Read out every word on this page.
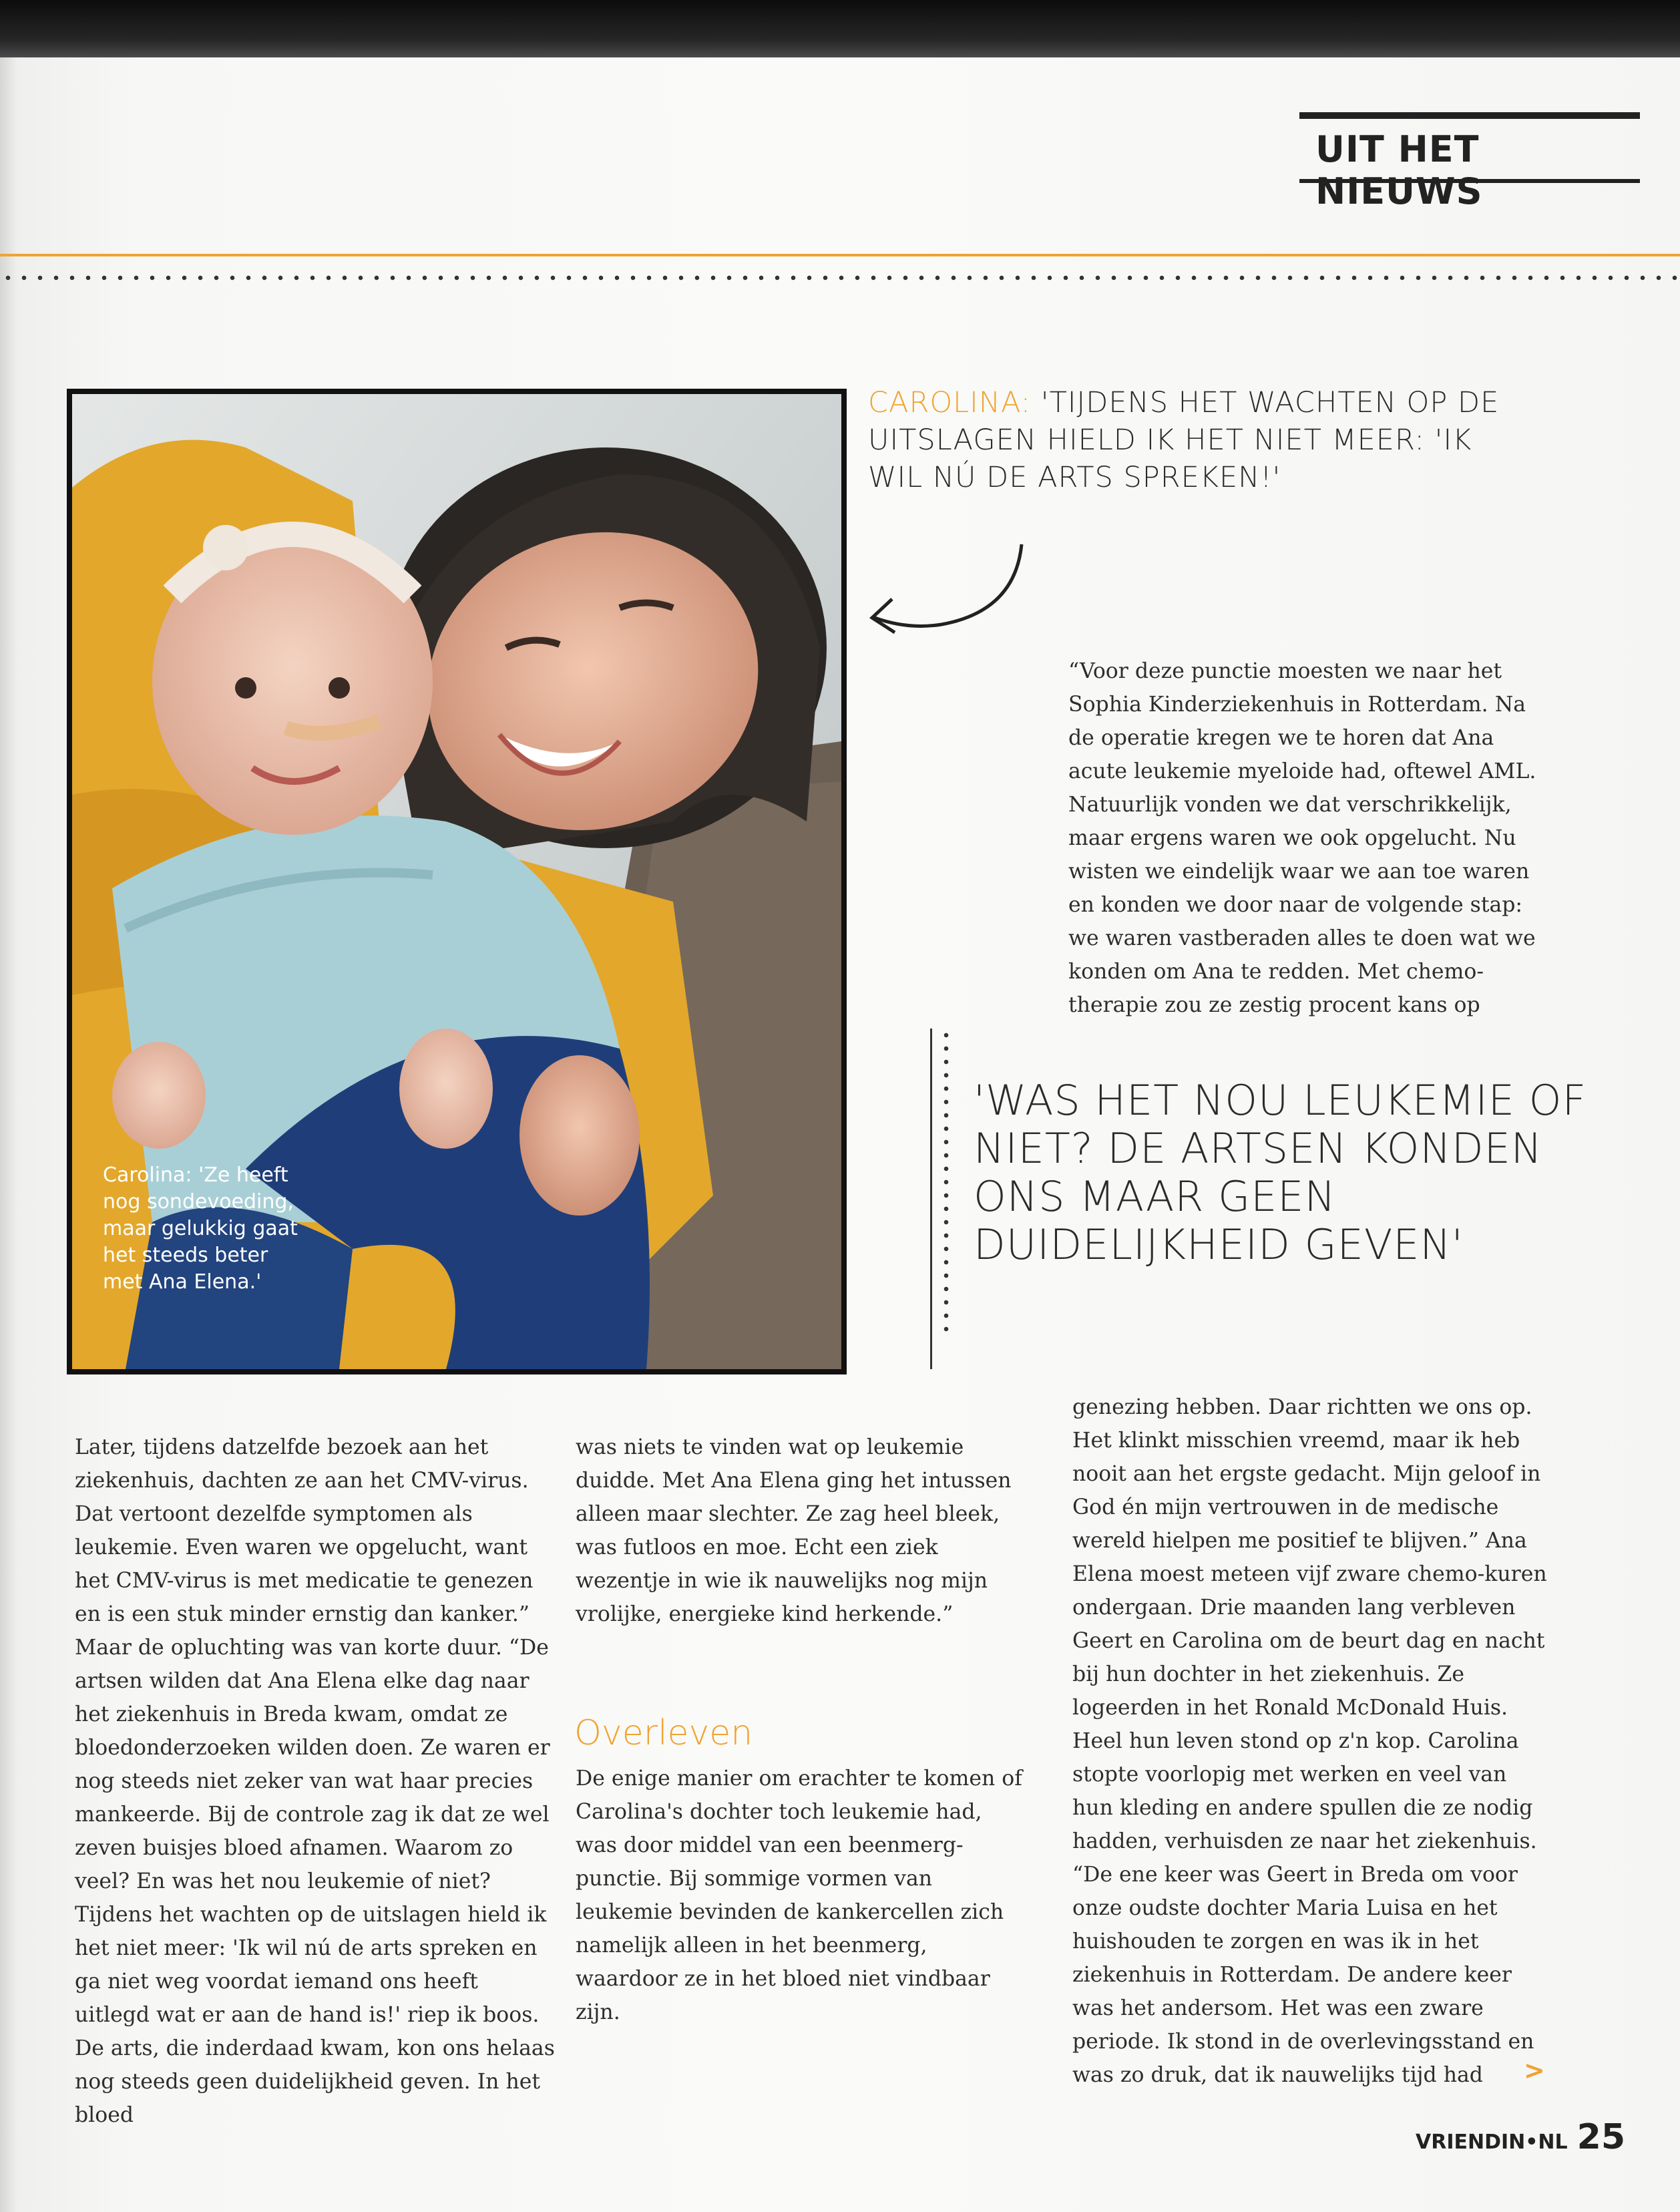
UIT HET NIEUWS
Carolina: 'Ze heeft nog sondevoeding, maar gelukkig gaat het steeds beter met Ana Elena.'
CAROLINA: 'TIJDENS HET WACHTEN OP DE UITSLAGEN HIELD IK HET NIET MEER: 'IK WIL NÚ DE ARTS SPREKEN!'

“Voor deze punctie moesten we naar het Sophia Kinderziekenhuis in Rotterdam. Na de operatie kregen we te horen dat Ana acute leukemie myeloide had, oftewel AML. Natuurlijk vonden we dat verschrikkelijk, maar ergens waren we ook opgelucht. Nu wisten we eindelijk waar we aan toe waren en konden we door naar de volgende stap: we waren vastberaden alles te doen wat we konden om Ana te redden. Met chemo-therapie zou ze zestig procent kans op

'WAS HET NOU LEUKEMIE OF NIET? DE ARTSEN KONDEN ONS MAAR GEEN DUIDELIJKHEID GEVEN'

Later, tijdens datzelfde bezoek aan het ziekenhuis, dachten ze aan het CMV-virus. Dat vertoont dezelfde symptomen als leukemie. Even waren we opgelucht, want het CMV-virus is met medicatie te genezen en is een stuk minder ernstig dan kanker.” Maar de opluchting was van korte duur. “De artsen wilden dat Ana Elena elke dag naar het ziekenhuis in Breda kwam, omdat ze bloedonderzoeken wilden doen. Ze waren er nog steeds niet zeker van wat haar precies mankeerde. Bij de controle zag ik dat ze wel zeven buisjes bloed afnamen. Waarom zo veel? En was het nou leukemie of niet? Tijdens het wachten op de uitslagen hield ik het niet meer: 'Ik wil nú de arts spreken en ga niet weg voordat iemand ons heeft uitlegd wat er aan de hand is!' riep ik boos. De arts, die inderdaad kwam, kon ons helaas nog steeds geen duidelijkheid geven. In het bloed

was niets te vinden wat op leukemie duidde. Met Ana Elena ging het intussen alleen maar slechter. Ze zag heel bleek, was futloos en moe. Echt een ziek wezentje in wie ik nauwelijks nog mijn vrolijke, energieke kind herkende.”

Overleven

De enige manier om erachter te komen of Carolina's dochter toch leukemie had, was door middel van een beenmerg-punctie. Bij sommige vormen van leukemie bevinden de kankercellen zich namelijk alleen in het beenmerg, waardoor ze in het bloed niet vindbaar zijn.

genezing hebben. Daar richtten we ons op. Het klinkt misschien vreemd, maar ik heb nooit aan het ergste gedacht. Mijn geloof in God én mijn vertrouwen in de medische wereld hielpen me positief te blijven.” Ana Elena moest meteen vijf zware chemo-kuren ondergaan. Drie maanden lang verbleven Geert en Carolina om de beurt dag en nacht bij hun dochter in het ziekenhuis. Ze logeerden in het Ronald McDonald Huis. Heel hun leven stond op z'n kop. Carolina stopte voorlopig met werken en veel van hun kleding en andere spullen die ze nodig hadden, verhuisden ze naar het ziekenhuis. “De ene keer was Geert in Breda om voor onze oudste dochter Maria Luisa en het huishouden te zorgen en was ik in het ziekenhuis in Rotterdam. De andere keer was het andersom. Het was een zware periode. Ik stond in de overlevingsstand en was zo druk, dat ik nauwelijks tijd had	>
VRIENDIN•NL 25
